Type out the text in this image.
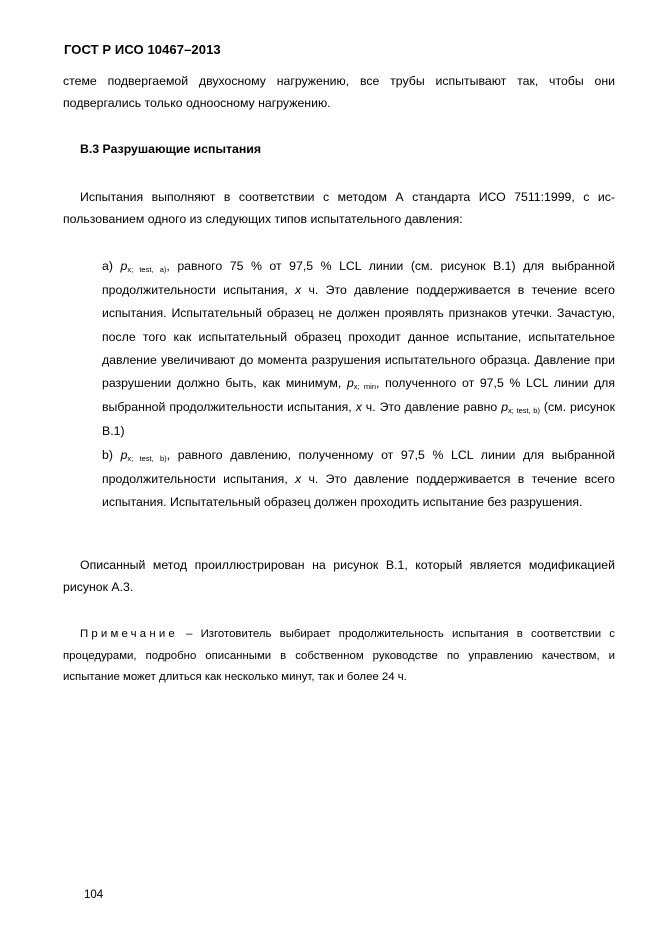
ГОСТ Р ИСО 10467–2013

стеме подвергаемой двухосному нагружению, все трубы испытывают так, чтобы они подвергались только одноосному нагружению.

В.3 Разрушающие испытания

Испытания выполняют в соответствии с методом А стандарта ИСО 7511:1999, с использованием одного из следующих типов испытательного давления:

а) px; test, a), равного 75 % от 97,5 % LCL линии (см. рисунок В.1) для выбранной продолжительности испытания, x ч. Это давление поддерживается в течение всего испытания. Испытательный образец не должен проявлять признаков утечки. Зачастую, после того как испытательный образец проходит данное испытание, испытательное давление увеличивают до момента разрушения испытательного образца. Давление при разрушении должно быть, как минимум, px; min, полученного от 97,5 % LCL линии для выбранной продолжительности испытания, x ч. Это давление равно px; test, b) (см. рисунок В.1)

b) px; test, b), равного давлению, полученному от 97,5 % LCL линии для выбранной продолжительности испытания, x ч. Это давление поддерживается в течение всего испытания. Испытательный образец должен проходить испытание без разрушения.

Описанный метод проиллюстрирован на рисунок В.1, который является модификацией рисунок А.3.

Примечание – Изготовитель выбирает продолжительность испытания в соответствии с процедурами, подробно описанными в собственном руководстве по управлению качеством, и испытание может длиться как несколько минут, так и более 24 ч.

104
